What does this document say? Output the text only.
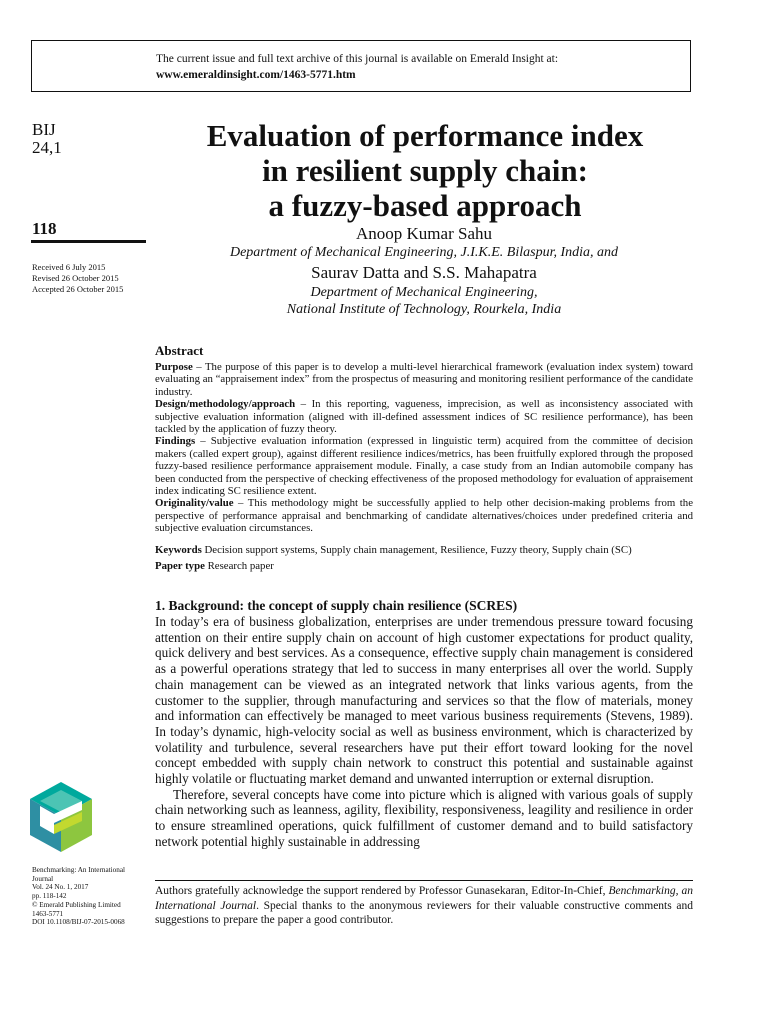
The current issue and full text archive of this journal is available on Emerald Insight at:
www.emeraldinsight.com/1463-5771.htm
BIJ
24,1
118
Received 6 July 2015
Revised 26 October 2015
Accepted 26 October 2015
Evaluation of performance index
in resilient supply chain:
a fuzzy-based approach
Anoop Kumar Sahu
Department of Mechanical Engineering, J.I.K.E. Bilaspur, India, and
Saurav Datta and S.S. Mahapatra
Department of Mechanical Engineering,
National Institute of Technology, Rourkela, India
Abstract

Purpose – The purpose of this paper is to develop a multi-level hierarchical framework (evaluation index system) toward evaluating an “appraisement index” from the prospectus of measuring and monitoring resilient performance of the candidate industry.

Design/methodology/approach – In this reporting, vagueness, imprecision, as well as inconsistency associated with subjective evaluation information (aligned with ill-defined assessment indices of SC resilience performance), has been tackled by the application of fuzzy theory.

Findings – Subjective evaluation information (expressed in linguistic term) acquired from the committee of decision makers (called expert group), against different resilience indices/metrics, has been fruitfully explored through the proposed fuzzy-based resilience performance appraisement module. Finally, a case study from an Indian automobile company has been conducted from the perspective of checking effectiveness of the proposed methodology for evaluation of appraisement index indicating SC resilience extent.

Originality/value – This methodology might be successfully applied to help other decision-making problems from the perspective of performance appraisal and benchmarking of candidate alternatives/choices under predefined criteria and subjective evaluation circumstances.

Keywords Decision support systems, Supply chain management, Resilience, Fuzzy theory, Supply chain (SC)
Paper type Research paper
1. Background: the concept of supply chain resilience (SCRES)

In today’s era of business globalization, enterprises are under tremendous pressure toward focusing attention on their entire supply chain on account of high customer expectations for product quality, quick delivery and best services. As a consequence, effective supply chain management is considered as a powerful operations strategy that led to success in many enterprises all over the world. Supply chain management can be viewed as an integrated network that links various agents, from the customer to the supplier, through manufacturing and services so that the flow of materials, money and information can effectively be managed to meet various business requirements (Stevens, 1989). In today’s dynamic, high-velocity social as well as business environment, which is characterized by volatility and turbulence, several researchers have put their effort toward looking for the novel concept embedded with supply chain network to construct this potential and sustainable against highly volatile or fluctuating market demand and unwanted interruption or external disruption.

Therefore, several concepts have come into picture which is aligned with various goals of supply chain networking such as leanness, agility, flexibility, responsiveness, leagility and resilience in order to ensure streamlined operations, quick fulfillment of customer demand and to build satisfactory network potential highly sustainable in addressing

Authors gratefully acknowledge the support rendered by Professor Gunasekaran, Editor-In-Chief, Benchmarking, an International Journal. Special thanks to the anonymous reviewers for their valuable constructive comments and suggestions to prepare the paper a good contributor.
Benchmarking: An International
Journal
Vol. 24 No. 1, 2017
pp. 118-142
© Emerald Publishing Limited
1463-5771
DOI 10.1108/BIJ-07-2015-0068
